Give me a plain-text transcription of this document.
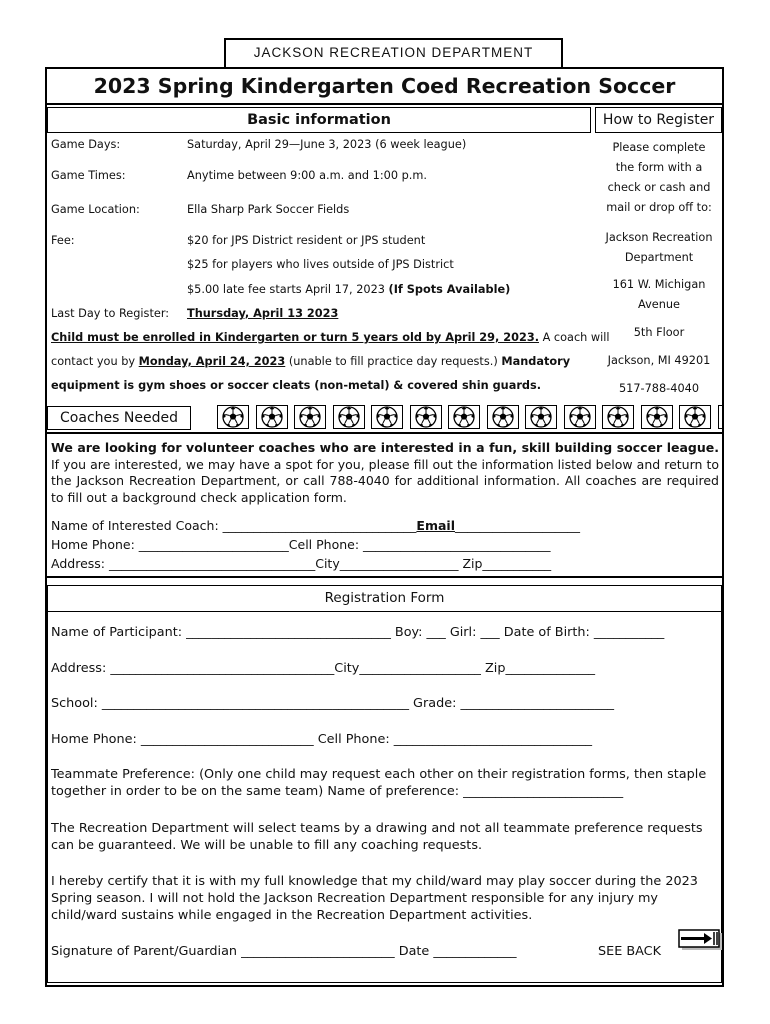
JACKSON RECREATION DEPARTMENT
2023 Spring Kindergarten Coed Recreation Soccer
Basic information	How to Register
Game Days:	Saturday, April 29—June 3, 2023 (6 week league)
Game Times:	Anytime between 9:00 a.m. and 1:00 p.m.
Game Location:	Ella Sharp Park Soccer Fields
Fee:	$20 for JPS District resident or JPS student
$25 for players who lives outside of JPS District
$5.00 late fee starts April 17, 2023 (If Spots Available)
Last Day to Register: Thursday, April 13 2023
Child must be enrolled in Kindergarten or turn 5 years old by April 29, 2023. A coach will
contact you by Monday, April 24, 2023 (unable to fill practice day requests.) Mandatory
equipment is gym shoes or soccer cleats (non-metal) & covered shin guards.
Please complete
the form with a
check or cash and
mail or drop off to:
Jackson Recreation
Department
161 W. Michigan
Avenue
5th Floor
Jackson, MI 49201
517-788-4040
Coaches Needed
We are looking for volunteer coaches who are interested in a fun, skill building soccer league. If you are interested, we may have a spot for you, please fill out the information listed below and return to the Jackson Recreation Department, or call 788-4040 for additional information. All coaches are required to fill out a background check application form.
Name of Interested Coach: _______________________________Email____________________
Home Phone: ________________________Cell Phone: ______________________________
Address: _________________________________City___________________ Zip___________
Registration Form
Name of Participant: ________________________________ Boy: ___ Girl: ___ Date of Birth: ___________
Address: ___________________________________City___________________ Zip______________
School: ________________________________________________ Grade: ________________________
Home Phone: ___________________________ Cell Phone: _______________________________
Teammate Preference: (Only one child may request each other on their registration forms, then staple together in order to be on the same team) Name of preference: _________________________
The Recreation Department will select teams by a drawing and not all teammate preference requests can be guaranteed. We will be unable to fill any coaching requests.
I hereby certify that it is with my full knowledge that my child/ward may play soccer during the 2023 Spring season. I will not hold the Jackson Recreation Department responsible for any injury my child/ward sustains while engaged in the Recreation Department activities.
Signature of Parent/Guardian ________________________ Date _____________	SEE BACK
